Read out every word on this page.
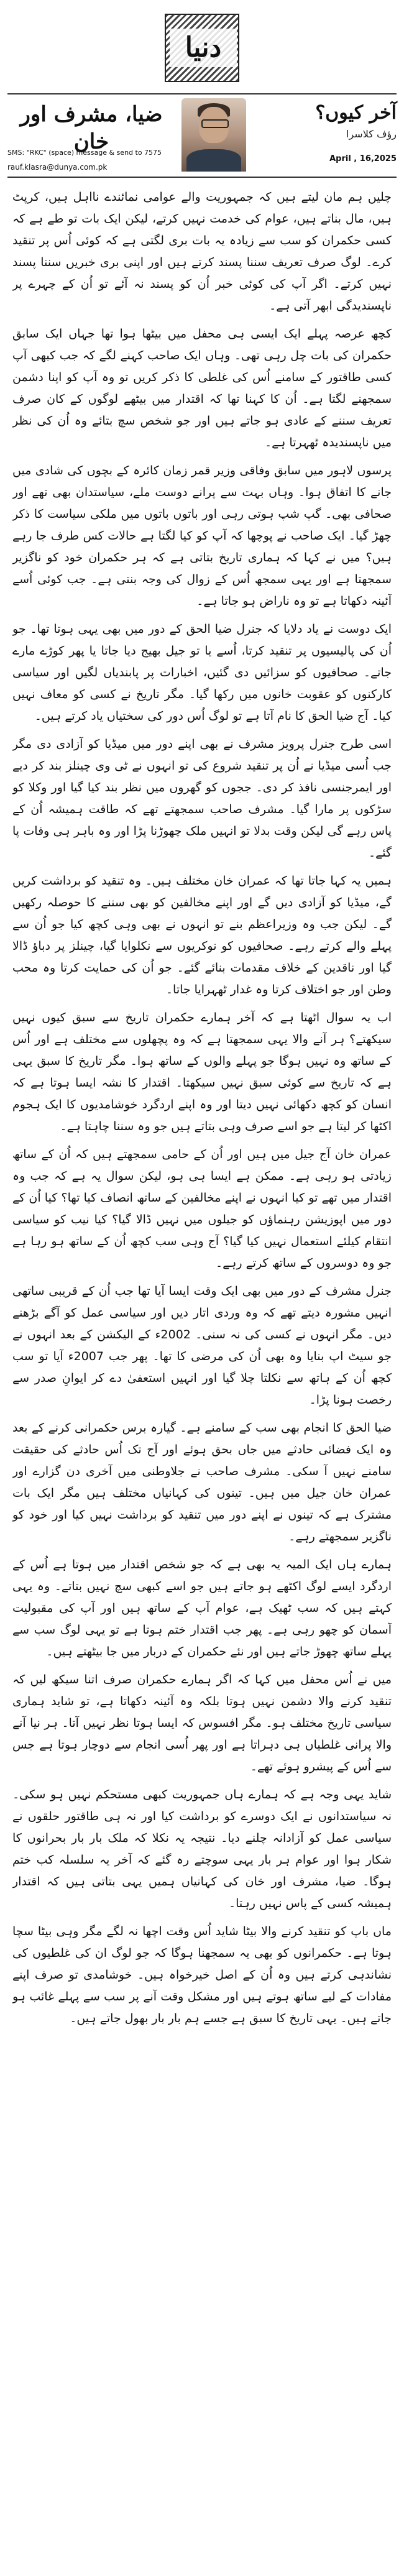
دنیا
ضیا، مشرف اور خان
SMS: "RKC" (space) message & send to 7575
rauf.klasra@dunya.com.pk
آخر کیوں؟
رؤف کلاسرا
April , 16,2025

چلیں ہم مان لیتے ہیں کہ جمہوریت والے عوامی نمائندے نااہل ہیں، کرپٹ ہیں، مال بناتے ہیں، عوام کی خدمت نہیں کرتے، لیکن ایک بات تو طے ہے کہ کسی حکمران کو سب سے زیادہ یہ بات بری لگتی ہے کہ کوئی اُس پر تنقید کرے۔ لوگ صرف تعریف سننا پسند کرتے ہیں اور اپنی بری خبریں سننا پسند نہیں کرتے۔ اگر آپ کی کوئی خبر اُن کو پسند نہ آئے تو اُن کے چہرے پر ناپسندیدگی ابھر آتی ہے۔

کچھ عرصہ پہلے ایک ایسی ہی محفل میں بیٹھا ہوا تھا جہاں ایک سابق حکمران کی بات چل رہی تھی۔ وہاں ایک صاحب کہنے لگے کہ جب کبھی آپ کسی طاقتور کے سامنے اُس کی غلطی کا ذکر کریں تو وہ آپ کو اپنا دشمن سمجھنے لگتا ہے۔ اُن کا کہنا تھا کہ اقتدار میں بیٹھے لوگوں کے کان صرف تعریف سننے کے عادی ہو جاتے ہیں اور جو شخص سچ بتائے وہ اُن کی نظر میں ناپسندیدہ ٹھہرتا ہے۔

پرسوں لاہور میں سابق وفاقی وزیر قمر زمان کائرہ کے بچوں کی شادی میں جانے کا اتفاق ہوا۔ وہاں بہت سے پرانے دوست ملے، سیاستدان بھی تھے اور صحافی بھی۔ گپ شپ ہوتی رہی اور باتوں باتوں میں ملکی سیاست کا ذکر چھڑ گیا۔ ایک صاحب نے پوچھا کہ آپ کو کیا لگتا ہے حالات کس طرف جا رہے ہیں؟ میں نے کہا کہ ہماری تاریخ بتاتی ہے کہ ہر حکمران خود کو ناگزیر سمجھتا ہے اور یہی سمجھ اُس کے زوال کی وجہ بنتی ہے۔ جب کوئی اُسے آئینہ دکھاتا ہے تو وہ ناراض ہو جاتا ہے۔

ایک دوست نے یاد دلایا کہ جنرل ضیا الحق کے دور میں بھی یہی ہوتا تھا۔ جو اُن کی پالیسیوں پر تنقید کرتا، اُسے یا تو جیل بھیج دیا جاتا یا پھر کوڑے مارے جاتے۔ صحافیوں کو سزائیں دی گئیں، اخبارات پر پابندیاں لگیں اور سیاسی کارکنوں کو عقوبت خانوں میں رکھا گیا۔ مگر تاریخ نے کسی کو معاف نہیں کیا۔ آج ضیا الحق کا نام آتا ہے تو لوگ اُس دور کی سختیاں یاد کرتے ہیں۔

اسی طرح جنرل پرویز مشرف نے بھی اپنے دور میں میڈیا کو آزادی دی مگر جب اُسی میڈیا نے اُن پر تنقید شروع کی تو انہوں نے ٹی وی چینلز بند کر دیے اور ایمرجنسی نافذ کر دی۔ ججوں کو گھروں میں نظر بند کیا گیا اور وکلا کو سڑکوں پر مارا گیا۔ مشرف صاحب سمجھتے تھے کہ طاقت ہمیشہ اُن کے پاس رہے گی لیکن وقت بدلا تو انہیں ملک چھوڑنا پڑا اور وہ باہر ہی وفات پا گئے۔

ہمیں یہ کہا جاتا تھا کہ عمران خان مختلف ہیں۔ وہ تنقید کو برداشت کریں گے، میڈیا کو آزادی دیں گے اور اپنے مخالفین کو بھی سننے کا حوصلہ رکھیں گے۔ لیکن جب وہ وزیراعظم بنے تو انہوں نے بھی وہی کچھ کیا جو اُن سے پہلے والے کرتے رہے۔ صحافیوں کو نوکریوں سے نکلوایا گیا، چینلز پر دباؤ ڈالا گیا اور ناقدین کے خلاف مقدمات بنائے گئے۔ جو اُن کی حمایت کرتا وہ محب وطن اور جو اختلاف کرتا وہ غدار ٹھہرایا جاتا۔

اب یہ سوال اٹھتا ہے کہ آخر ہمارے حکمران تاریخ سے سبق کیوں نہیں سیکھتے؟ ہر آنے والا یہی سمجھتا ہے کہ وہ پچھلوں سے مختلف ہے اور اُس کے ساتھ وہ نہیں ہوگا جو پہلے والوں کے ساتھ ہوا۔ مگر تاریخ کا سبق یہی ہے کہ تاریخ سے کوئی سبق نہیں سیکھتا۔ اقتدار کا نشہ ایسا ہوتا ہے کہ انسان کو کچھ دکھائی نہیں دیتا اور وہ اپنے اردگرد خوشامدیوں کا ایک ہجوم اکٹھا کر لیتا ہے جو اسے صرف وہی بتاتے ہیں جو وہ سننا چاہتا ہے۔

عمران خان آج جیل میں ہیں اور اُن کے حامی سمجھتے ہیں کہ اُن کے ساتھ زیادتی ہو رہی ہے۔ ممکن ہے ایسا ہی ہو، لیکن سوال یہ ہے کہ جب وہ اقتدار میں تھے تو کیا انہوں نے اپنے مخالفین کے ساتھ انصاف کیا تھا؟ کیا اُن کے دور میں اپوزیشن رہنماؤں کو جیلوں میں نہیں ڈالا گیا؟ کیا نیب کو سیاسی انتقام کیلئے استعمال نہیں کیا گیا؟ آج وہی سب کچھ اُن کے ساتھ ہو رہا ہے جو وہ دوسروں کے ساتھ کرتے رہے۔

جنرل مشرف کے دور میں بھی ایک وقت ایسا آیا تھا جب اُن کے قریبی ساتھی انہیں مشورہ دیتے تھے کہ وہ وردی اتار دیں اور سیاسی عمل کو آگے بڑھنے دیں۔ مگر انہوں نے کسی کی نہ سنی۔ 2002ء کے الیکشن کے بعد انہوں نے جو سیٹ اپ بنایا وہ بھی اُن کی مرضی کا تھا۔ پھر جب 2007ء آیا تو سب کچھ اُن کے ہاتھ سے نکلتا چلا گیا اور انہیں استعفیٰ دے کر ایوانِ صدر سے رخصت ہونا پڑا۔

ضیا الحق کا انجام بھی سب کے سامنے ہے۔ گیارہ برس حکمرانی کرنے کے بعد وہ ایک فضائی حادثے میں جاں بحق ہوئے اور آج تک اُس حادثے کی حقیقت سامنے نہیں آ سکی۔ مشرف صاحب نے جلاوطنی میں آخری دن گزارے اور عمران خان جیل میں ہیں۔ تینوں کی کہانیاں مختلف ہیں مگر ایک بات مشترک ہے کہ تینوں نے اپنے دور میں تنقید کو برداشت نہیں کیا اور خود کو ناگزیر سمجھتے رہے۔

ہمارے ہاں ایک المیہ یہ بھی ہے کہ جو شخص اقتدار میں ہوتا ہے اُس کے اردگرد ایسے لوگ اکٹھے ہو جاتے ہیں جو اسے کبھی سچ نہیں بتاتے۔ وہ یہی کہتے ہیں کہ سب ٹھیک ہے، عوام آپ کے ساتھ ہیں اور آپ کی مقبولیت آسمان کو چھو رہی ہے۔ پھر جب اقتدار ختم ہوتا ہے تو یہی لوگ سب سے پہلے ساتھ چھوڑ جاتے ہیں اور نئے حکمران کے دربار میں جا بیٹھتے ہیں۔

میں نے اُس محفل میں کہا کہ اگر ہمارے حکمران صرف اتنا سیکھ لیں کہ تنقید کرنے والا دشمن نہیں ہوتا بلکہ وہ آئینہ دکھاتا ہے، تو شاید ہماری سیاسی تاریخ مختلف ہو۔ مگر افسوس کہ ایسا ہوتا نظر نہیں آتا۔ ہر نیا آنے والا پرانی غلطیاں ہی دہراتا ہے اور پھر اُسی انجام سے دوچار ہوتا ہے جس سے اُس کے پیشرو ہوئے تھے۔

شاید یہی وجہ ہے کہ ہمارے ہاں جمہوریت کبھی مستحکم نہیں ہو سکی۔ نہ سیاستدانوں نے ایک دوسرے کو برداشت کیا اور نہ ہی طاقتور حلقوں نے سیاسی عمل کو آزادانہ چلنے دیا۔ نتیجہ یہ نکلا کہ ملک بار بار بحرانوں کا شکار ہوا اور عوام ہر بار یہی سوچتے رہ گئے کہ آخر یہ سلسلہ کب ختم ہوگا۔ ضیا، مشرف اور خان کی کہانیاں ہمیں یہی بتاتی ہیں کہ اقتدار ہمیشہ کسی کے پاس نہیں رہتا۔

ماں باپ کو تنقید کرنے والا بیٹا شاید اُس وقت اچھا نہ لگے مگر وہی بیٹا سچا ہوتا ہے۔ حکمرانوں کو بھی یہ سمجھنا ہوگا کہ جو لوگ ان کی غلطیوں کی نشاندہی کرتے ہیں وہ اُن کے اصل خیرخواہ ہیں۔ خوشامدی تو صرف اپنے مفادات کے لیے ساتھ ہوتے ہیں اور مشکل وقت آنے پر سب سے پہلے غائب ہو جاتے ہیں۔ یہی تاریخ کا سبق ہے جسے ہم بار بار بھول جاتے ہیں۔
